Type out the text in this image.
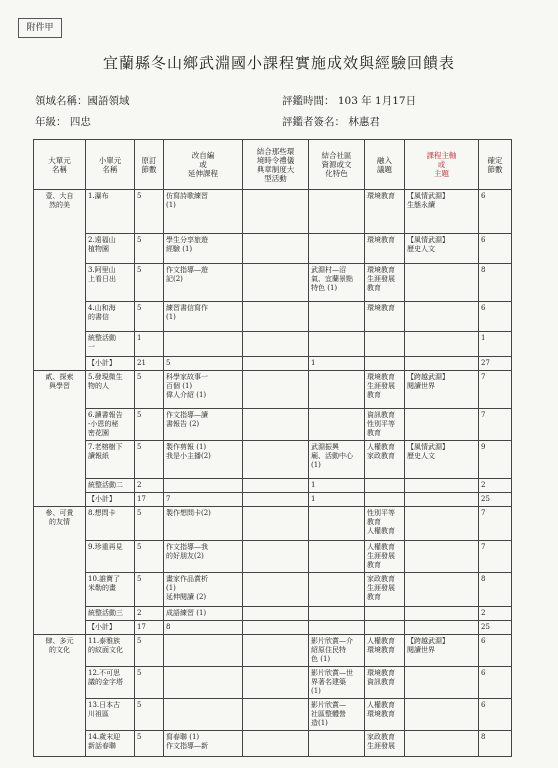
附件甲
宜蘭縣冬山鄉武淵國小課程實施成效與經驗回饋表
領域名稱：國語領域
年級： 四忠
評鑑時間： 103 年 1月17日
評鑑者簽名： 林惠君
大單元
名稱	小單元
名稱	原訂
節數	改自編
或
延伸課程	結合那些環
境時令禮儀
典章制度大
型活動	結合社區
資源或文
化特色	融入
議題	課程主軸
或
主題	確定
節數
壹、大自
然的美	1.瀑布	5	仿寫詩歌練習
(1)			環境教育	【風情武淵】
生態永續	6
	2.遠福山
植物園	5	學生分享旅遊
經驗 (1)			環境教育	【風情武淵】
歷史人文	6
	3.阿里山
上看日出	5	作文指導—遊
記(2)		武淵村—沼
氣、宜蘭景點
特色 (1)	環境教育
生涯發展
教育		8
	4.山和海
的書信	5	練習書信寫作
(1)			環境教育		6
	統整活動
一	1						1
	【小計】	21	5		1			27
貳、探索
與學習	5.發現微生
物的人	5	科學家故事一
百個 (1)
偉人介紹 (1)			環境教育
生涯發展
教育	【跨越武淵】
閱讀世界	7
	6.讀書報告
-小恩的秘
密花園	5	作文指導—讀
書報告 (2)			資訊教育
性別平等
教育		7
	7.老榕樹下
讀報紙	5	製作剪報 (1)
我是小主播(2)		武淵振興
廟、活動中心
(1)	人權教育
家政教育	【風情武淵】
歷史人文	9
	統整活動二	2			1			2
	【小計】	17	7		1			25
參、可貴
的友情	8.想問卡	5	製作想問卡(2)			性別平等
教育
人權教育		7
	9.珍重再見	5	作文指導—我
的好朋友(2)			人權教育
生涯發展
教育		7
	10.誰寶了
米勒的畫	5	畫家作品賞析
(1)
延伸閱讀 (2)			家政教育
生涯發展
教育		8
	統整活動三	2	成語練習 (1)					2
	【小計】	17	8					25
肆、多元
的文化	11.泰雅族
的紋面文化	5			影片欣賞—介
紹原住民特
色 (1)	人權教育
環境教育	【跨越武淵】
閱讀世界	6
	12.不可思
議的金字塔	5			影片欣賞—世
界著名建築
(1)	環境教育
資訊教育		6
	13.日本古
川祖區	5			影片欣賞—
社區整體營
造(1)	人權教育
環境教育		6
	14.歲末迎
新話春聯	5	寫春聯 (1)
作文指導—新			家政教育
生涯發展		8
